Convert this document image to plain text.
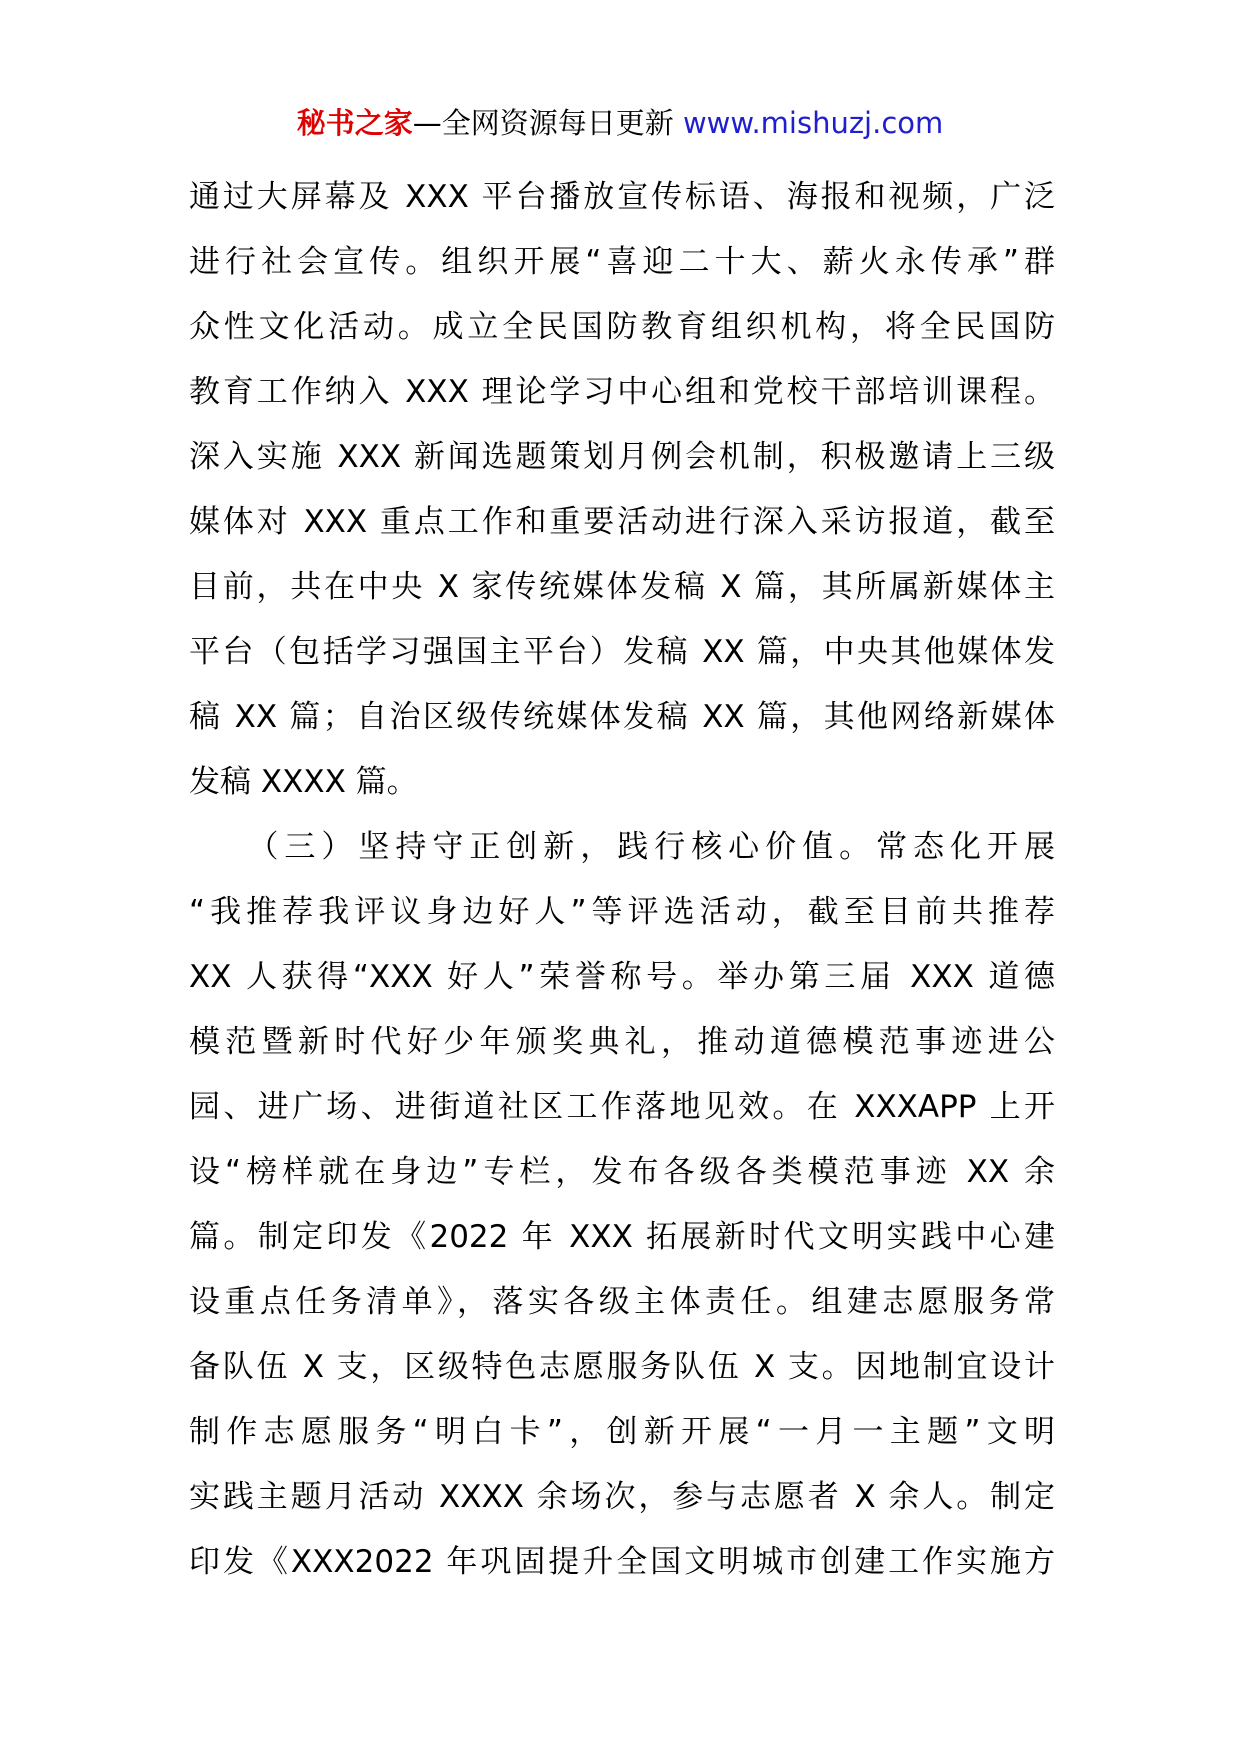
秘书之家—全网资源每日更新 www.mishuzj.com
通过大屏幕及 XXX 平台播放宣传标语、海报和视频，广泛
进行社会宣传。组织开展“喜迎二十大、薪火永传承”群
众性文化活动。成立全民国防教育组织机构，将全民国防
教育工作纳入 XXX 理论学习中心组和党校干部培训课程。
深入实施 XXX 新闻选题策划月例会机制，积极邀请上三级
媒体对 XXX 重点工作和重要活动进行深入采访报道，截至
目前，共在中央 X 家传统媒体发稿 X 篇，其所属新媒体主
平台（包括学习强国主平台）发稿 XX 篇，中央其他媒体发
稿 XX 篇；自治区级传统媒体发稿 XX 篇，其他网络新媒体
发稿 XXXX 篇。
　　（三）坚持守正创新，践行核心价值。常态化开展
“我推荐我评议身边好人”等评选活动，截至目前共推荐
XX 人获得“XXX 好人”荣誉称号。举办第三届 XXX 道德
模范暨新时代好少年颁奖典礼，推动道德模范事迹进公
园、进广场、进街道社区工作落地见效。在 XXXAPP 上开
设“榜样就在身边”专栏，发布各级各类模范事迹 XX 余
篇。制定印发《2022 年 XXX 拓展新时代文明实践中心建
设重点任务清单》，落实各级主体责任。组建志愿服务常
备队伍 X 支，区级特色志愿服务队伍 X 支。因地制宜设计
制作志愿服务“明白卡”，创新开展“一月一主题”文明
实践主题月活动 XXXX 余场次，参与志愿者 X 余人。制定
印发《XXX2022 年巩固提升全国文明城市创建工作实施方
